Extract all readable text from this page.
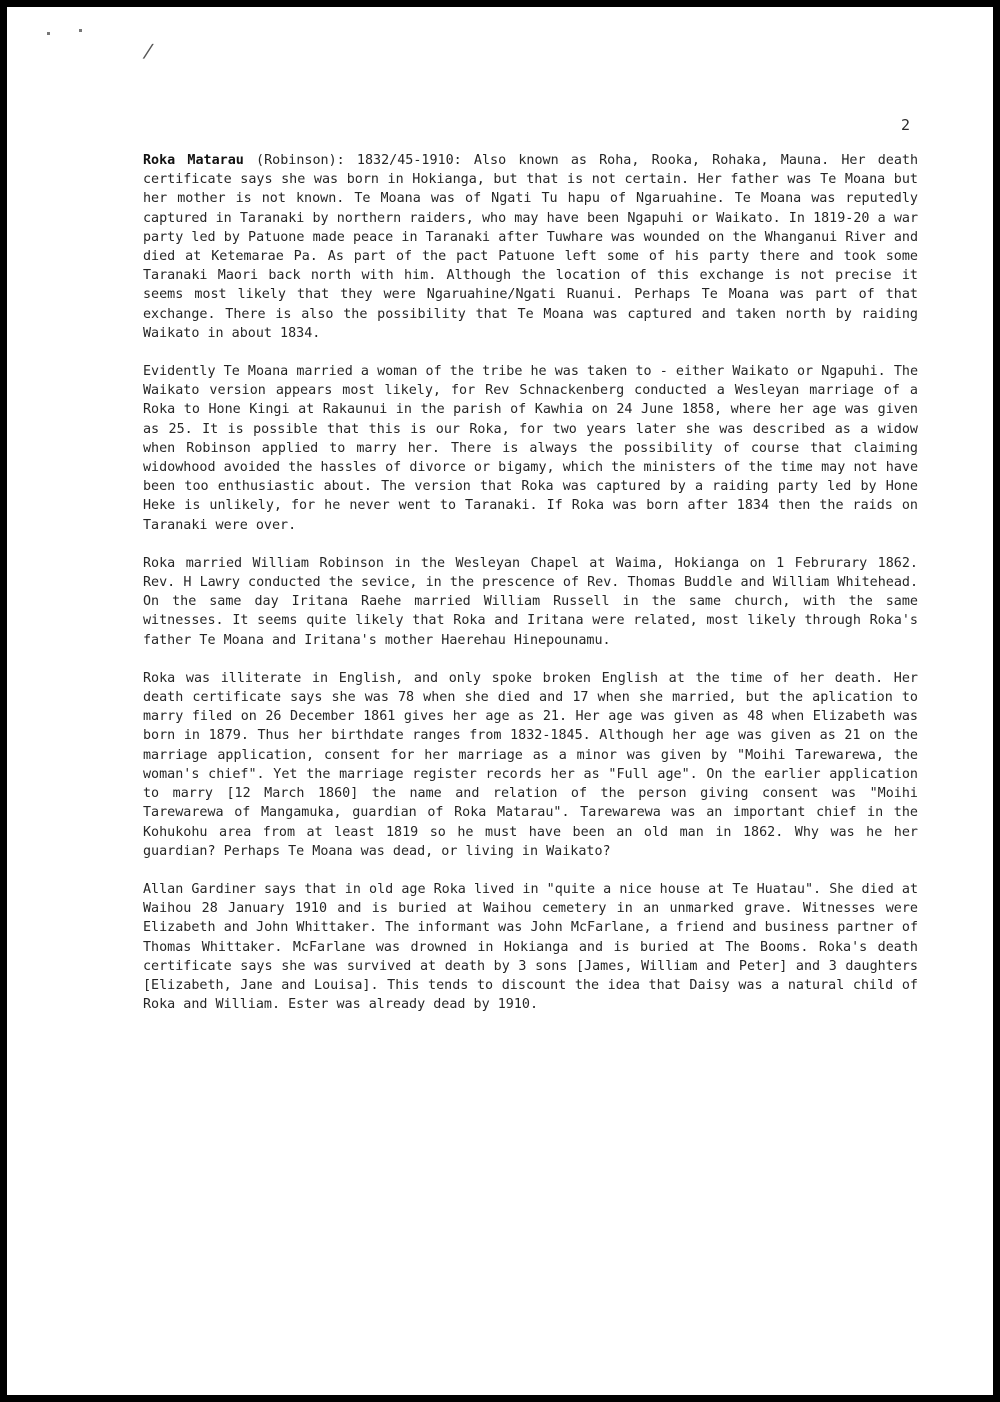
/
2

Roka Matarau (Robinson): 1832/45-1910: Also known as Roha, Rooka, Rohaka, Mauna. Her death certificate says she was born in Hokianga, but that is not certain. Her father was Te Moana but her mother is not known. Te Moana was of Ngati Tu hapu of Ngaruahine. Te Moana was reputedly captured in Taranaki by northern raiders, who may have been Ngapuhi or Waikato. In 1819-20 a war party led by Patuone made peace in Taranaki after Tuwhare was wounded on the Whanganui River and died at Ketemarae Pa. As part of the pact Patuone left some of his party there and took some Taranaki Maori back north with him. Although the location of this exchange is not precise it seems most likely that they were Ngaruahine/Ngati Ruanui. Perhaps Te Moana was part of that exchange. There is also the possibility that Te Moana was captured and taken north by raiding Waikato in about 1834.

Evidently Te Moana married a woman of the tribe he was taken to - either Waikato or Ngapuhi. The Waikato version appears most likely, for Rev Schnackenberg conducted a Wesleyan marriage of a Roka to Hone Kingi at Rakaunui in the parish of Kawhia on 24 June 1858, where her age was given as 25. It is possible that this is our Roka, for two years later she was described as a widow when Robinson applied to marry her. There is always the possibility of course that claiming widowhood avoided the hassles of divorce or bigamy, which the ministers of the time may not have been too enthusiastic about. The version that Roka was captured by a raiding party led by Hone Heke is unlikely, for he never went to Taranaki. If Roka was born after 1834 then the raids on Taranaki were over.

Roka married William Robinson in the Wesleyan Chapel at Waima, Hokianga on 1 Februrary 1862. Rev. H Lawry conducted the sevice, in the prescence of Rev. Thomas Buddle and William Whitehead. On the same day Iritana Raehe married William Russell in the same church, with the same witnesses. It seems quite likely that Roka and Iritana were related, most likely through Roka's father Te Moana and Iritana's mother Haerehau Hinepounamu.

Roka was illiterate in English, and only spoke broken English at the time of her death. Her death certificate says she was 78 when she died and 17 when she married, but the aplication to marry filed on 26 December 1861 gives her age as 21. Her age was given as 48 when Elizabeth was born in 1879. Thus her birthdate ranges from 1832-1845. Although her age was given as 21 on the marriage application, consent for her marriage as a minor was given by "Moihi Tarewarewa, the woman's chief". Yet the marriage register records her as "Full age". On the earlier application to marry [12 March 1860] the name and relation of the person giving consent was "Moihi Tarewarewa of Mangamuka, guardian of Roka Matarau". Tarewarewa was an important chief in the Kohukohu area from at least 1819 so he must have been an old man in 1862. Why was he her guardian? Perhaps Te Moana was dead, or living in Waikato?

Allan Gardiner says that in old age Roka lived in "quite a nice house at Te Huatau". She died at Waihou 28 January 1910 and is buried at Waihou cemetery in an unmarked grave. Witnesses were Elizabeth and John Whittaker. The informant was John McFarlane, a friend and business partner of Thomas Whittaker. McFarlane was drowned in Hokianga and is buried at The Booms. Roka's death certificate says she was survived at death by 3 sons [James, William and Peter] and 3 daughters [Elizabeth, Jane and Louisa]. This tends to discount the idea that Daisy was a natural child of Roka and William. Ester was already dead by 1910.
